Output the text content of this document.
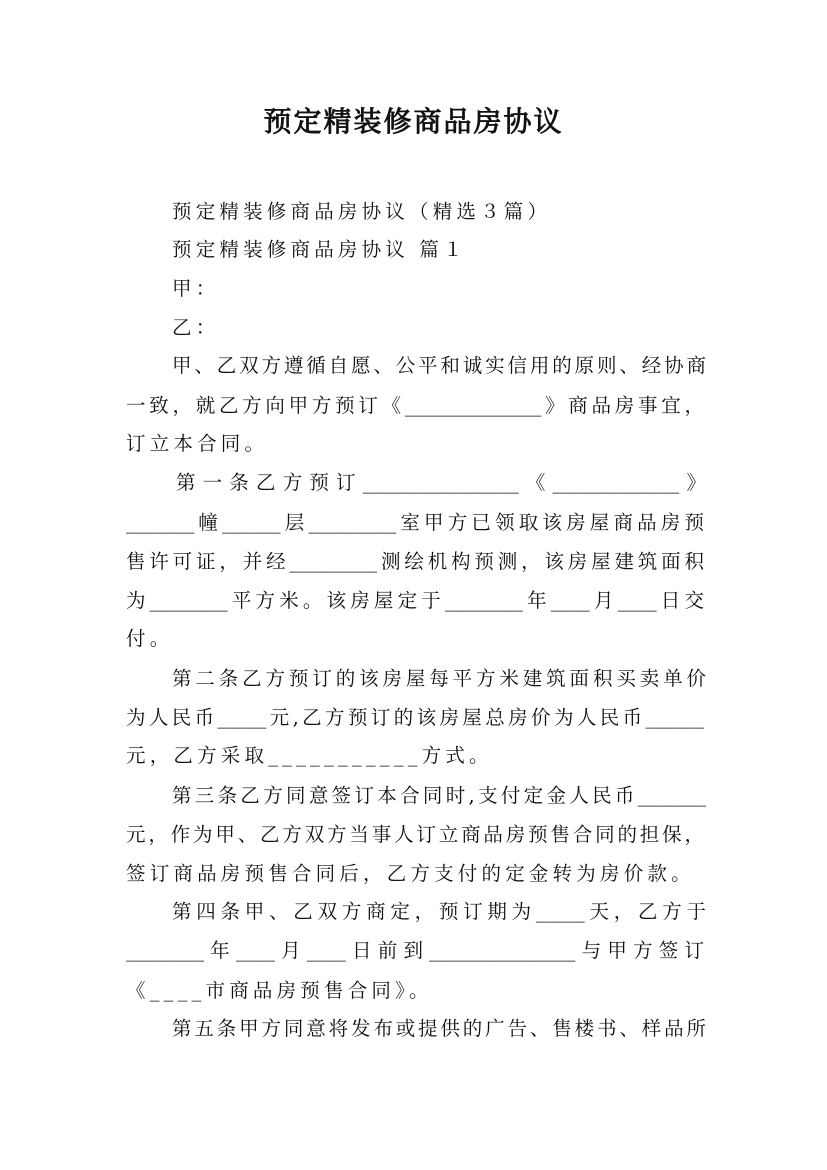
预定精装修商品房协议
预定精装修商品房协议（精选３篇）
预定精装修商品房协议 篇１
甲：
乙：
甲、乙双方遵循自愿、公平和诚实信用的原则、经协商
一致，就乙方向甲方预订《______________》商品房事宜，
订立本合同。
第一条乙方预订________________《_____________》
_______幢______层_________室甲方已领取该房屋商品房预
售许可证，并经_________测绘机构预测，该房屋建筑面积
为________平方米。该房屋定于________年____月____日交
付。
第二条乙方预订的该房屋每平方米建筑面积买卖单价
为人民币_____元,乙方预订的该房屋总房价为人民币______
元，乙方采取___________方式。
第三条乙方同意签订本合同时,支付定金人民币_______
元，作为甲、乙方双方当事人订立商品房预售合同的担保，
签订商品房预售合同后，乙方支付的定金转为房价款。
第四条甲、乙双方商定，预订期为_____天，乙方于
________年____月____日前到_______________与甲方签订
《____市商品房预售合同》。
第五条甲方同意将发布或提供的广告、售楼书、样品所
